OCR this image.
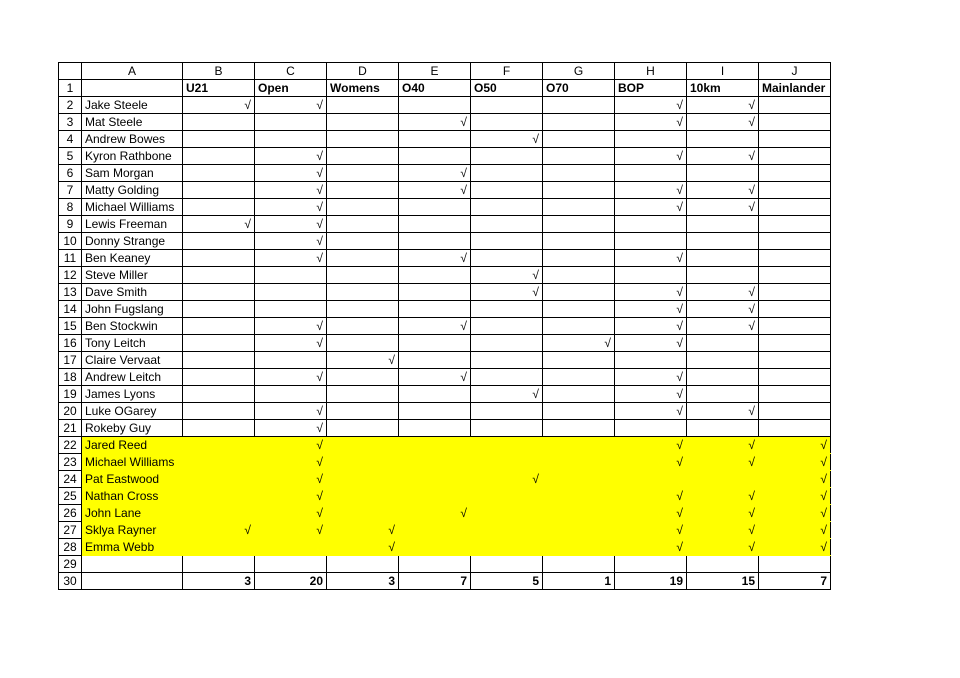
	A	B	C	D	E	F	G	H	I	J
1		U21	Open	Womens	O40	O50	O70	BOP	10km	Mainlander
2	Jake Steele	√	√					√	√	
3	Mat Steele				√			√	√	
4	Andrew Bowes					√				
5	Kyron Rathbone		√					√	√	
6	Sam Morgan		√		√					
7	Matty Golding		√		√			√	√	
8	Michael Williams		√					√	√	
9	Lewis Freeman	√	√							
10	Donny Strange		√							
11	Ben Keaney		√		√			√		
12	Steve Miller					√				
13	Dave Smith					√		√	√	
14	John Fugslang							√	√	
15	Ben Stockwin		√		√			√	√	
16	Tony Leitch		√				√	√		
17	Claire Vervaat			√						
18	Andrew Leitch		√		√			√		
19	James Lyons					√		√		
20	Luke OGarey		√					√	√	
21	Rokeby Guy		√							
22	Jared Reed		√					√	√	√
23	Michael Williams		√					√	√	√
24	Pat Eastwood		√			√				√
25	Nathan Cross		√					√	√	√
26	John Lane		√		√			√	√	√
27	Sklya Rayner	√	√	√				√	√	√
28	Emma Webb			√				√	√	√
29										
30		3	20	3	7	5	1	19	15	7
